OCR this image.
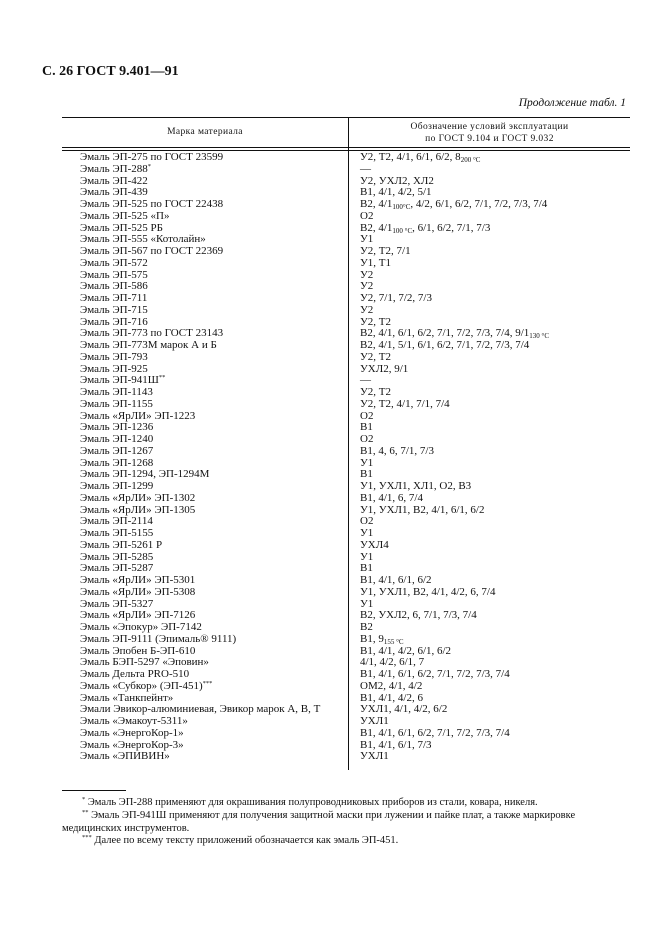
С. 26 ГОСТ 9.401—91
Продолжение табл. 1
Марка материала	Обозначение условий эксплуатации
по ГОСТ 9.104 и ГОСТ 9.032
Эмаль ЭП-275 по ГОСТ 23599	У2, Т2, 4/1, 6/1, 6/2, $8_{200 ^\circ C}$
Эмаль ЭП-288*	—
Эмаль ЭП-422	У2, УХЛ2, ХЛ2
Эмаль ЭП-439	В1, 4/1, 4/2, 5/1
Эмаль ЭП-525 по ГОСТ 22438	В2, $4/1_{100^\circ C}$, 4/2, 6/1, 6/2, 7/1, 7/2, 7/3, 7/4
Эмаль ЭП-525 «П»	О2
Эмаль ЭП-525 РБ	В2, $4/1_{100 ^\circ C}$, 6/1, 6/2, 7/1, 7/3
Эмаль ЭП-555 «Котолайн»	У1
Эмаль ЭП-567 по ГОСТ 22369	У2, Т2, 7/1
Эмаль ЭП-572	У1, Т1
Эмаль ЭП-575	У2
Эмаль ЭП-586	У2
Эмаль ЭП-711	У2, 7/1, 7/2, 7/3
Эмаль ЭП-715	У2
Эмаль ЭП-716	У2, Т2
Эмаль ЭП-773 по ГОСТ 23143	В2, 4/1, 6/1, 6/2, 7/1, 7/2, 7/3, 7/4, $9/1_{130 ^\circ C}$
Эмаль ЭП-773М марок А и Б	В2, 4/1, 5/1, 6/1, 6/2, 7/1, 7/2, 7/3, 7/4
Эмаль ЭП-793	У2, Т2
Эмаль ЭП-925	УХЛ2, 9/1
Эмаль ЭП-941Ш**	—
Эмаль ЭП-1143	У2, Т2
Эмаль ЭП-1155	У2, Т2, 4/1, 7/1, 7/4
Эмаль «ЯрЛИ» ЭП-1223	О2
Эмаль ЭП-1236	В1
Эмаль ЭП-1240	О2
Эмаль ЭП-1267	В1, 4, 6, 7/1, 7/3
Эмаль ЭП-1268	У1
Эмаль ЭП-1294, ЭП-1294М	В1
Эмаль ЭП-1299	У1, УХЛ1, ХЛ1, О2, В3
Эмаль «ЯрЛИ» ЭП-1302	В1, 4/1, 6, 7/4
Эмаль «ЯрЛИ» ЭП-1305	У1, УХЛ1, В2, 4/1, 6/1, 6/2
Эмаль ЭП-2114	О2
Эмаль ЭП-5155	У1
Эмаль ЭП-5261 Р	УХЛ4
Эмаль ЭП-5285	У1
Эмаль ЭП-5287	В1
Эмаль «ЯрЛИ» ЭП-5301	В1, 4/1, 6/1, 6/2
Эмаль «ЯрЛИ» ЭП-5308	У1, УХЛ1, В2, 4/1, 4/2, 6, 7/4
Эмаль ЭП-5327	У1
Эмаль «ЯрЛИ» ЭП-7126	В2, УХЛ2, 6, 7/1, 7/3, 7/4
Эмаль «Эпокур» ЭП-7142	В2
Эмаль ЭП-9111 (Эпималь® 9111)	В1, $9_{155 ^\circ C}$
Эмаль Эпобен Б-ЭП-610	В1, 4/1, 4/2, 6/1, 6/2
Эмаль БЭП-5297 «Эповин»	4/1, 4/2, 6/1, 7
Эмаль Дельта PRO-510	В1, 4/1, 6/1, 6/2, 7/1, 7/2, 7/3, 7/4
Эмаль «Субкор» (ЭП-451)***	ОМ2, 4/1, 4/2
Эмаль «Танкпейнт»	В1, 4/1, 4/2, 6
Эмали Эвикор-алюминиевая, Эвикор марок А, В, Т	УХЛ1, 4/1, 4/2, 6/2
Эмаль «Эмакоут-5311»	УХЛ1
Эмаль «ЭнергоКор-1»	В1, 4/1, 6/1, 6/2, 7/1, 7/2, 7/3, 7/4
Эмаль «ЭнергоКор-3»	В1, 4/1, 6/1, 7/3
Эмаль «ЭПИВИН»	УХЛ1
* Эмаль ЭП-288 применяют для окрашивания полупроводниковых приборов из стали, ковара, никеля.
** Эмаль ЭП-941Ш применяют для получения защитной маски при лужении и пайке плат, а также маркировке медицинских инструментов.
*** Далее по всему тексту приложений обозначается как эмаль ЭП-451.
